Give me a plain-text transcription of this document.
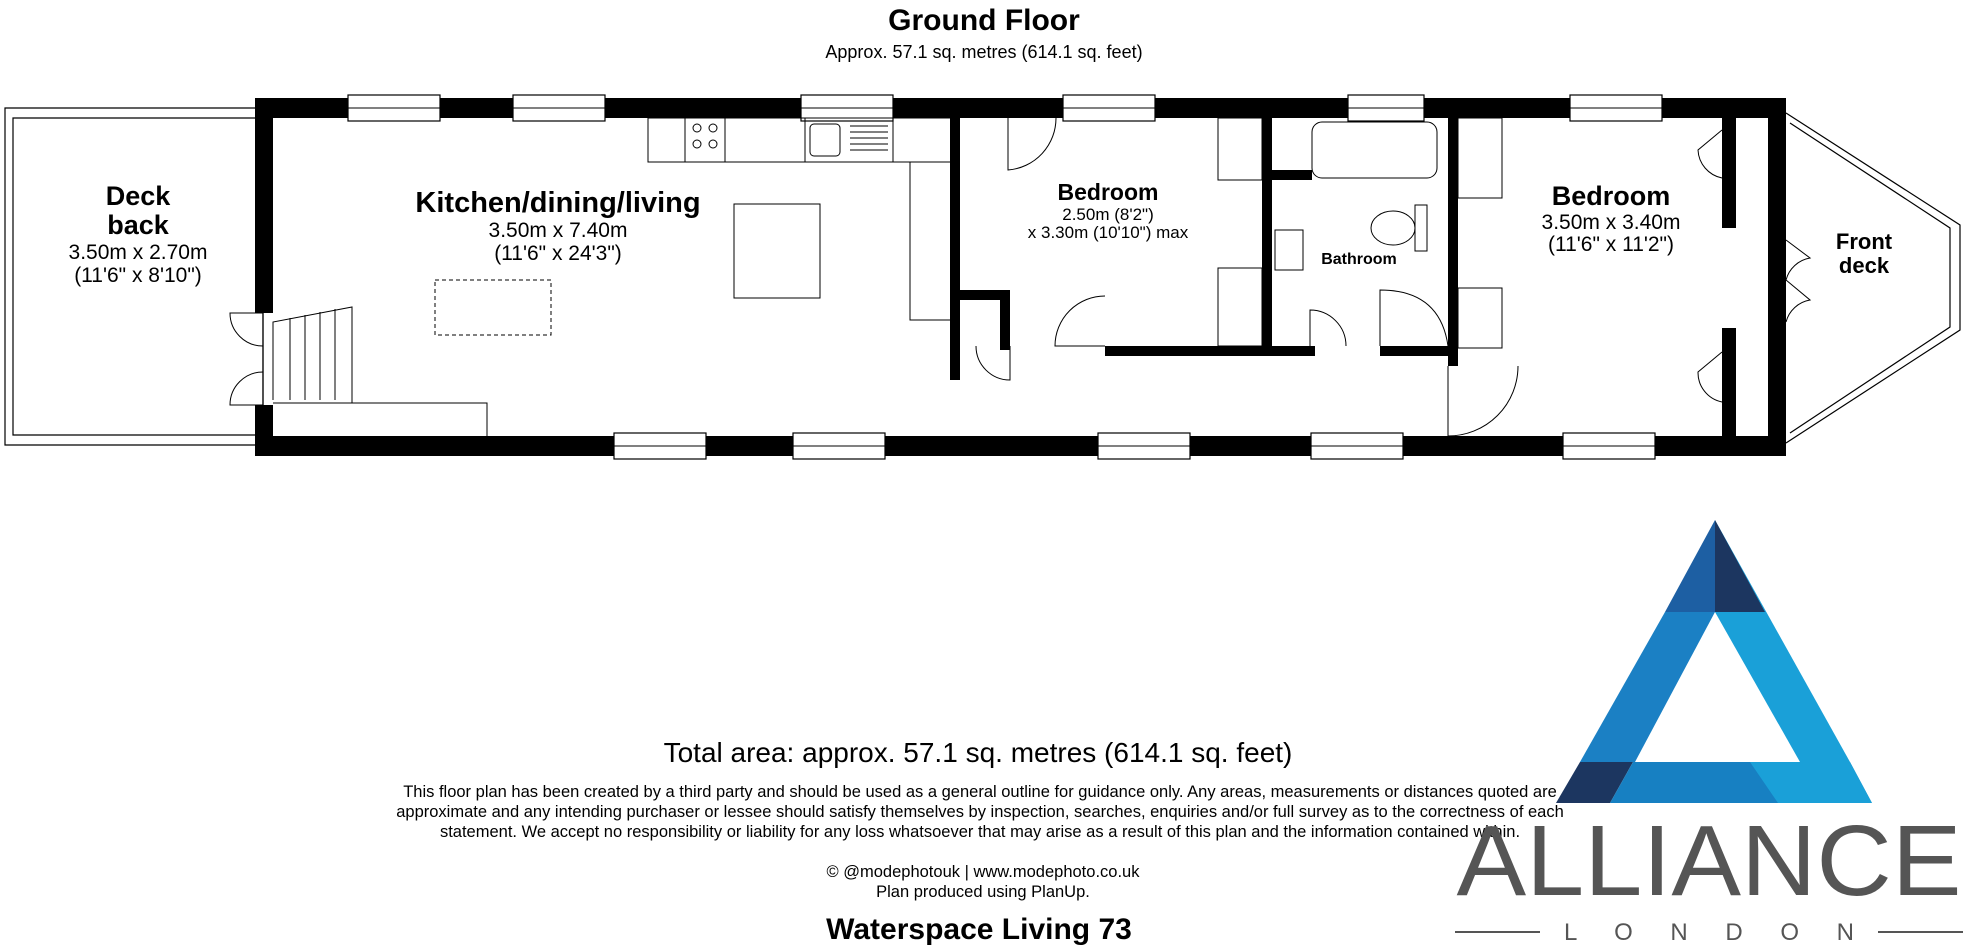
Ground Floor
Approx. 57.1 sq. metres (614.1 sq. feet)
Deck
back
3.50m x 2.70m
(11'6" x 8'10")
Kitchen/dining/living
3.50m x 7.40m
(11'6" x 24'3")
Bedroom
2.50m (8'2")
x 3.30m (10'10") max
Bathroom
Bedroom
3.50m x 3.40m
(11'6" x 11'2")	Front
deck
Total area: approx. 57.1 sq. metres (614.1 sq. feet)
This floor plan has been created by a third party and should be used as a general outline for guidance only. Any areas, measurements or distances quoted are
approximate and any intending purchaser or lessee should satisfy themselves by inspection, searches, enquiries and/or full survey as to the correctness of each
statement. We accept no responsibility or liability for any loss whatsoever that may arise as a result of this plan and the information contained within.
© @modephotouk | www.modephoto.co.uk
Plan produced using PlanUp.
Waterspace Living 73
ALLIANCE
L O N D O N
